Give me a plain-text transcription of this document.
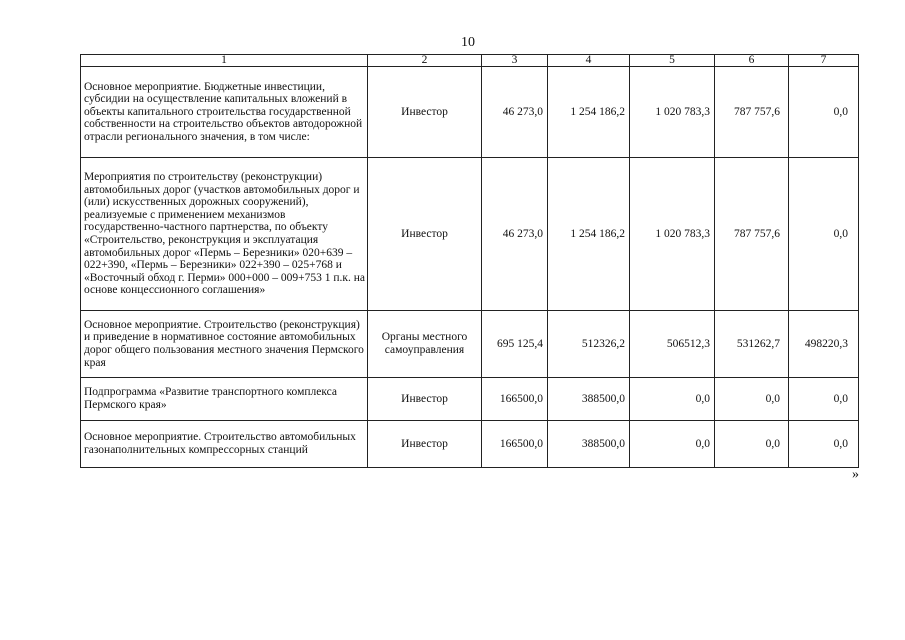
10
1	2	3	4	5	6	7
Основное мероприятие. Бюджетные инвестиции, субсидии на осуществление капитальных вложений в объекты капитального строительства государственной собственности на строительство объектов автодорожной отрасли регионального значения, в том числе:	Инвестор	46 273,0	1 254 186,2	1 020 783,3	787 757,6	0,0
Мероприятия по строительству (реконструкции) автомобильных дорог (участков автомобильных дорог и (или) искусственных дорожных сооружений), реализуемые с применением механизмов государственно-частного партнерства, по объекту «Строительство, реконструкция и эксплуатация автомобильных дорог «Пермь – Березники» 020+639 – 022+390, «Пермь – Березники» 022+390 – 025+768 и «Восточный обход г. Перми» 000+000 – 009+753 1 п.к. на основе концессионного соглашения»	Инвестор	46 273,0	1 254 186,2	1 020 783,3	787 757,6	0,0
Основное мероприятие. Строительство (реконструкция) и приведение в нормативное состояние автомобильных дорог общего пользования местного значения Пермского края	Органы местного самоуправления	695 125,4	512326,2	506512,3	531262,7	498220,3
Подпрограмма «Развитие транспортного комплекса Пермского края»	Инвестор	166500,0	388500,0	0,0	0,0	0,0
Основное мероприятие. Строительство автомобильных газонаполнительных компрессорных станций	Инвестор	166500,0	388500,0	0,0	0,0	0,0
»
